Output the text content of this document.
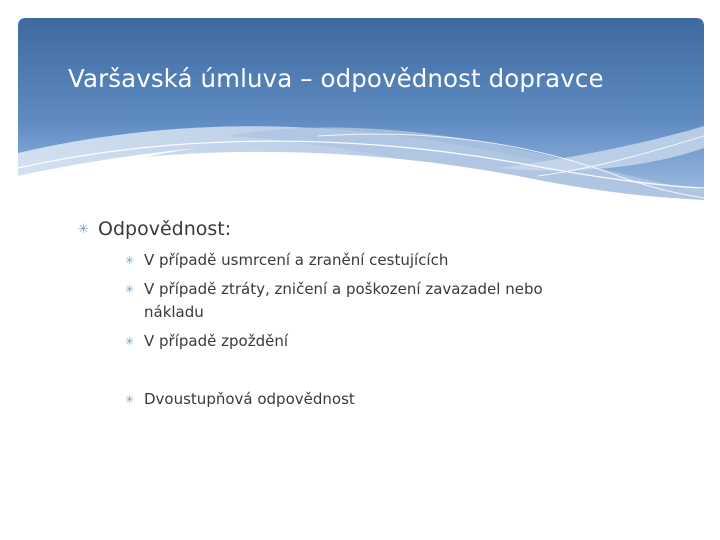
Varšavská úmluva – odpovědnost dopravce
✳ Odpovědnost:
✳ V případě usmrcení a zranění cestujících
✳ V případě ztráty, zničení a poškození zavazadel nebo
nákladu
✳ V případě zpoždění
✳ Dvoustupňová odpovědnost
